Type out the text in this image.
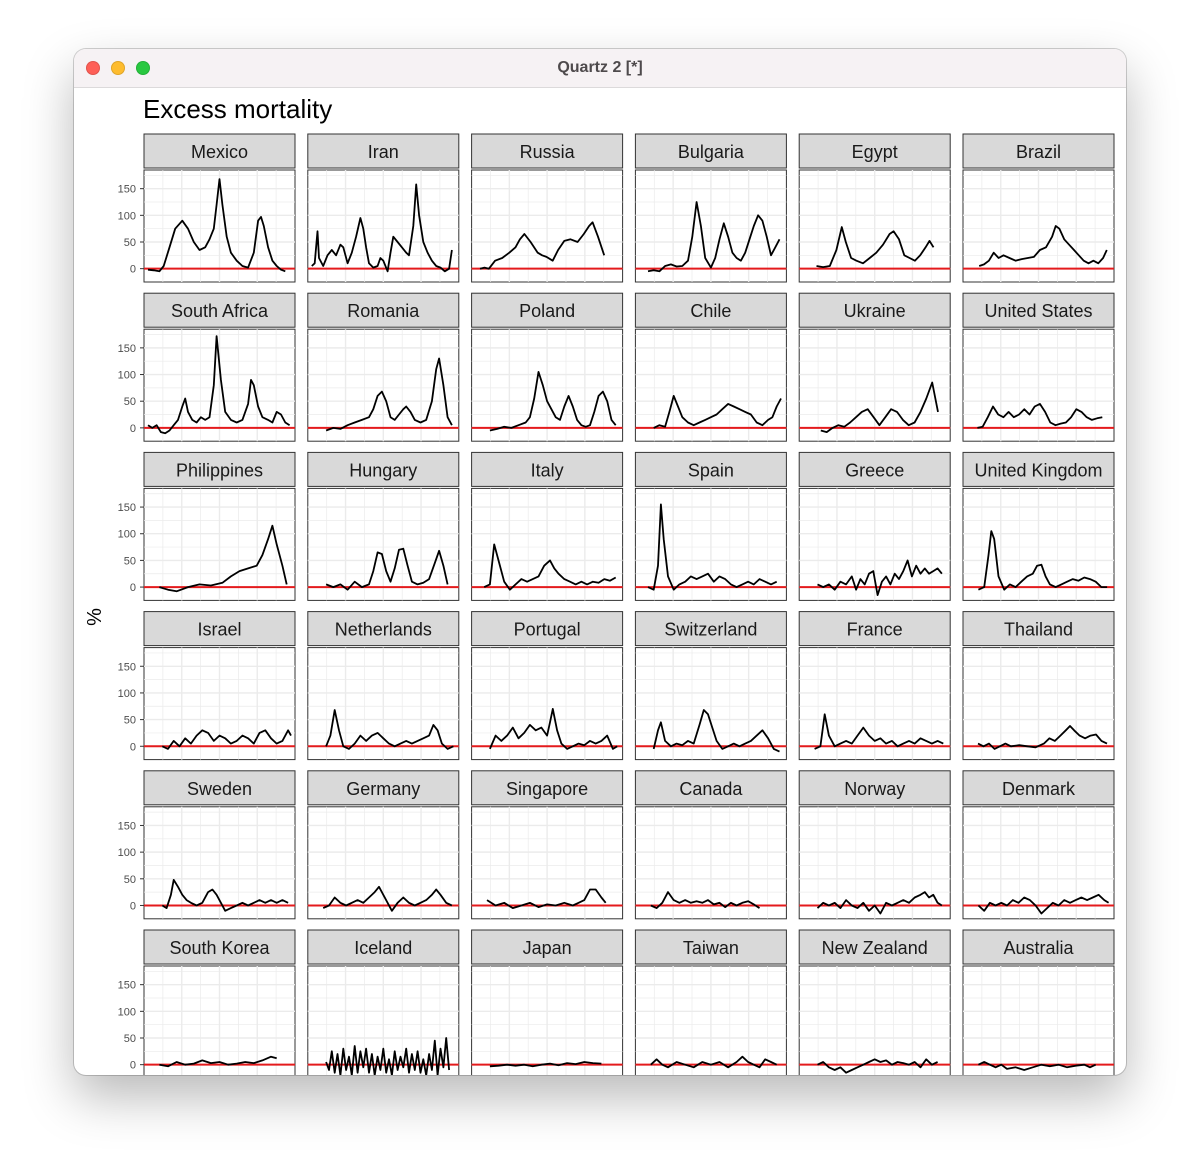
Quartz 2 [*]
Excess mortality
%
Mexico
0
50
100
150
Iran	Russia	Bulgaria	Egypt	Brazil
South Africa
0
50
100
150
Romania	Poland	Chile	Ukraine	United States
Philippines
0
50
100
150
Hungary	Italy	Spain	Greece	United Kingdom
Israel
0
50
100
150
Netherlands	Portugal	Switzerland	France	Thailand
Sweden
0
50
100
150
Germany	Singapore	Canada	Norway	Denmark
South Korea
0
50
100
150
Iceland	Japan	Taiwan	New Zealand	Australia
